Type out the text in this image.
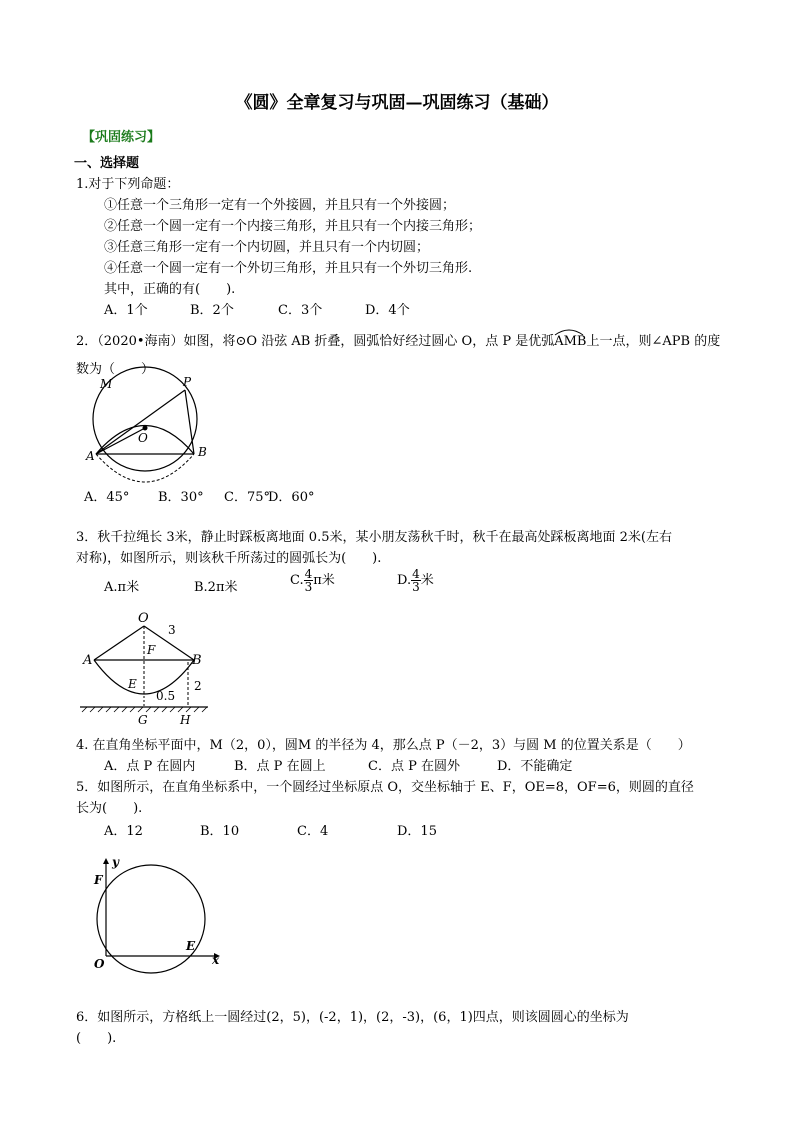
《圆》全章复习与巩固—巩固练习（基础）
【巩固练习】
一、选择题
1.对于下列命题：
①任意一个三角形一定有一个外接圆，并且只有一个外接圆；
②任意一个圆一定有一个内接三角形，并且只有一个内接三角形；
③任意三角形一定有一个内切圆，并且只有一个内切圆；
④任意一个圆一定有一个外切三角形，并且只有一个外切三角形.
其中，正确的有(　　).
A．1个	B．2个	C．3个	D．4个
2．（2020•海南）如图，将⊙O 沿弦 AB 折叠，圆弧恰好经过圆心 O，点 P 是优弧
AMB上一点，则∠APB 的度
数为（　　）
M	P
O
A	B
A．45° B．30° C．75°
D．60°
3．秋千拉绳长 3米，静止时踩板离地面 0.5米，某小朋友荡秋千时，秋千在最高处踩板离地面 2米(左右
对称)，如图所示，则该秋千所荡过的圆弧长为(　　).
A.π米	B.2π米	C. $\frac{4}{3}$ π米	D. $\frac{4}{3}$ 米
O
3
A
F
B
E
0.5
2
G	H
4. 在直角坐标平面中，M（2，0），圆M 的半径为 4，那么点 P（－2，3）与圆 M 的位置关系是（　　）
A．点 P 在圆内	B．点 P 在圆上	C．点 P 在圆外	D．不能确定
5．如图所示，在直角坐标系中，一个圆经过坐标原点 O，交坐标轴于 E、F，OE=8，OF=6，则圆的直径
长为(　　).
A．12	B．10	C．4	D．15
y
F
E
O	x
6．如图所示，方格纸上一圆经过(2，5)，(-2，1)，(2，-3)，(6，1)四点，则该圆圆心的坐标为
(　　).
